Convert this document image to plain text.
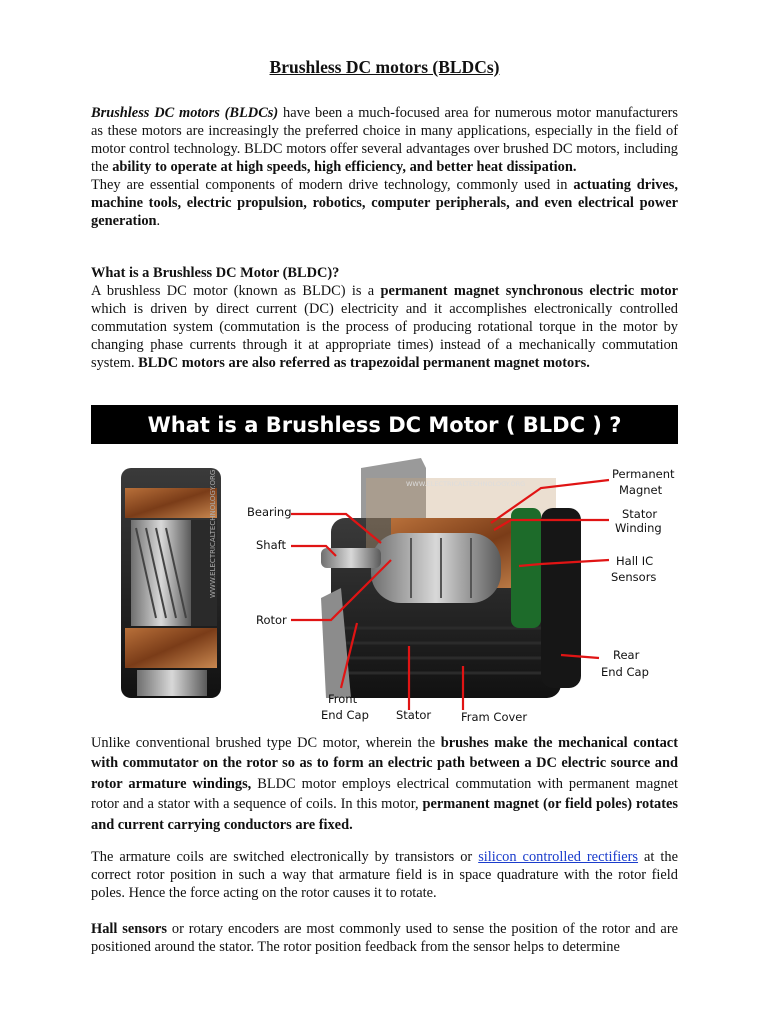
Brushless DC motors (BLDCs)
Brushless DC motors (BLDCs) have been a much-focused area for numerous motor manufacturers as these motors are increasingly the preferred choice in many applications, especially in the field of motor control technology. BLDC motors offer several advantages over brushed DC motors, including the ability to operate at high speeds, high efficiency, and better heat dissipation.
They are essential components of modern drive technology, commonly used in actuating drives, machine tools, electric propulsion, robotics, computer peripherals, and even electrical power generation.
What is a Brushless DC Motor (BLDC)?
A brushless DC motor (known as BLDC) is a permanent magnet synchronous electric motor which is driven by direct current (DC) electricity and it accomplishes electronically controlled commutation system (commutation is the process of producing rotational torque in the motor by changing phase currents through it at appropriate times) instead of a mechanically commutation system. BLDC motors are also referred as trapezoidal permanent magnet motors.
What is a Brushless DC Motor ( BLDC ) ?
WWW.ELECTRICALTECHNOLOGY.ORG	WWW.ELECTRICALTECHNOLOGY.ORG
Bearing
Shaft
Rotor
Front
End Cap Stator	Fram Cover
Permanent
Magnet
Stator
Winding
Hall IC
Sensors
Rear
End Cap
Unlike conventional brushed type DC motor, wherein the brushes make the mechanical contact with commutator on the rotor so as to form an electric path between a DC electric source and rotor armature windings, BLDC motor employs electrical commutation with permanent magnet rotor and a stator with a sequence of coils. In this motor, permanent magnet (or field poles) rotates and current carrying conductors are fixed.
The armature coils are switched electronically by transistors or silicon controlled rectifiers at the correct rotor position in such a way that armature field is in space quadrature with the rotor field poles. Hence the force acting on the rotor causes it to rotate.
Hall sensors or rotary encoders are most commonly used to sense the position of the rotor and are positioned around the stator. The rotor position feedback from the sensor helps to determine
